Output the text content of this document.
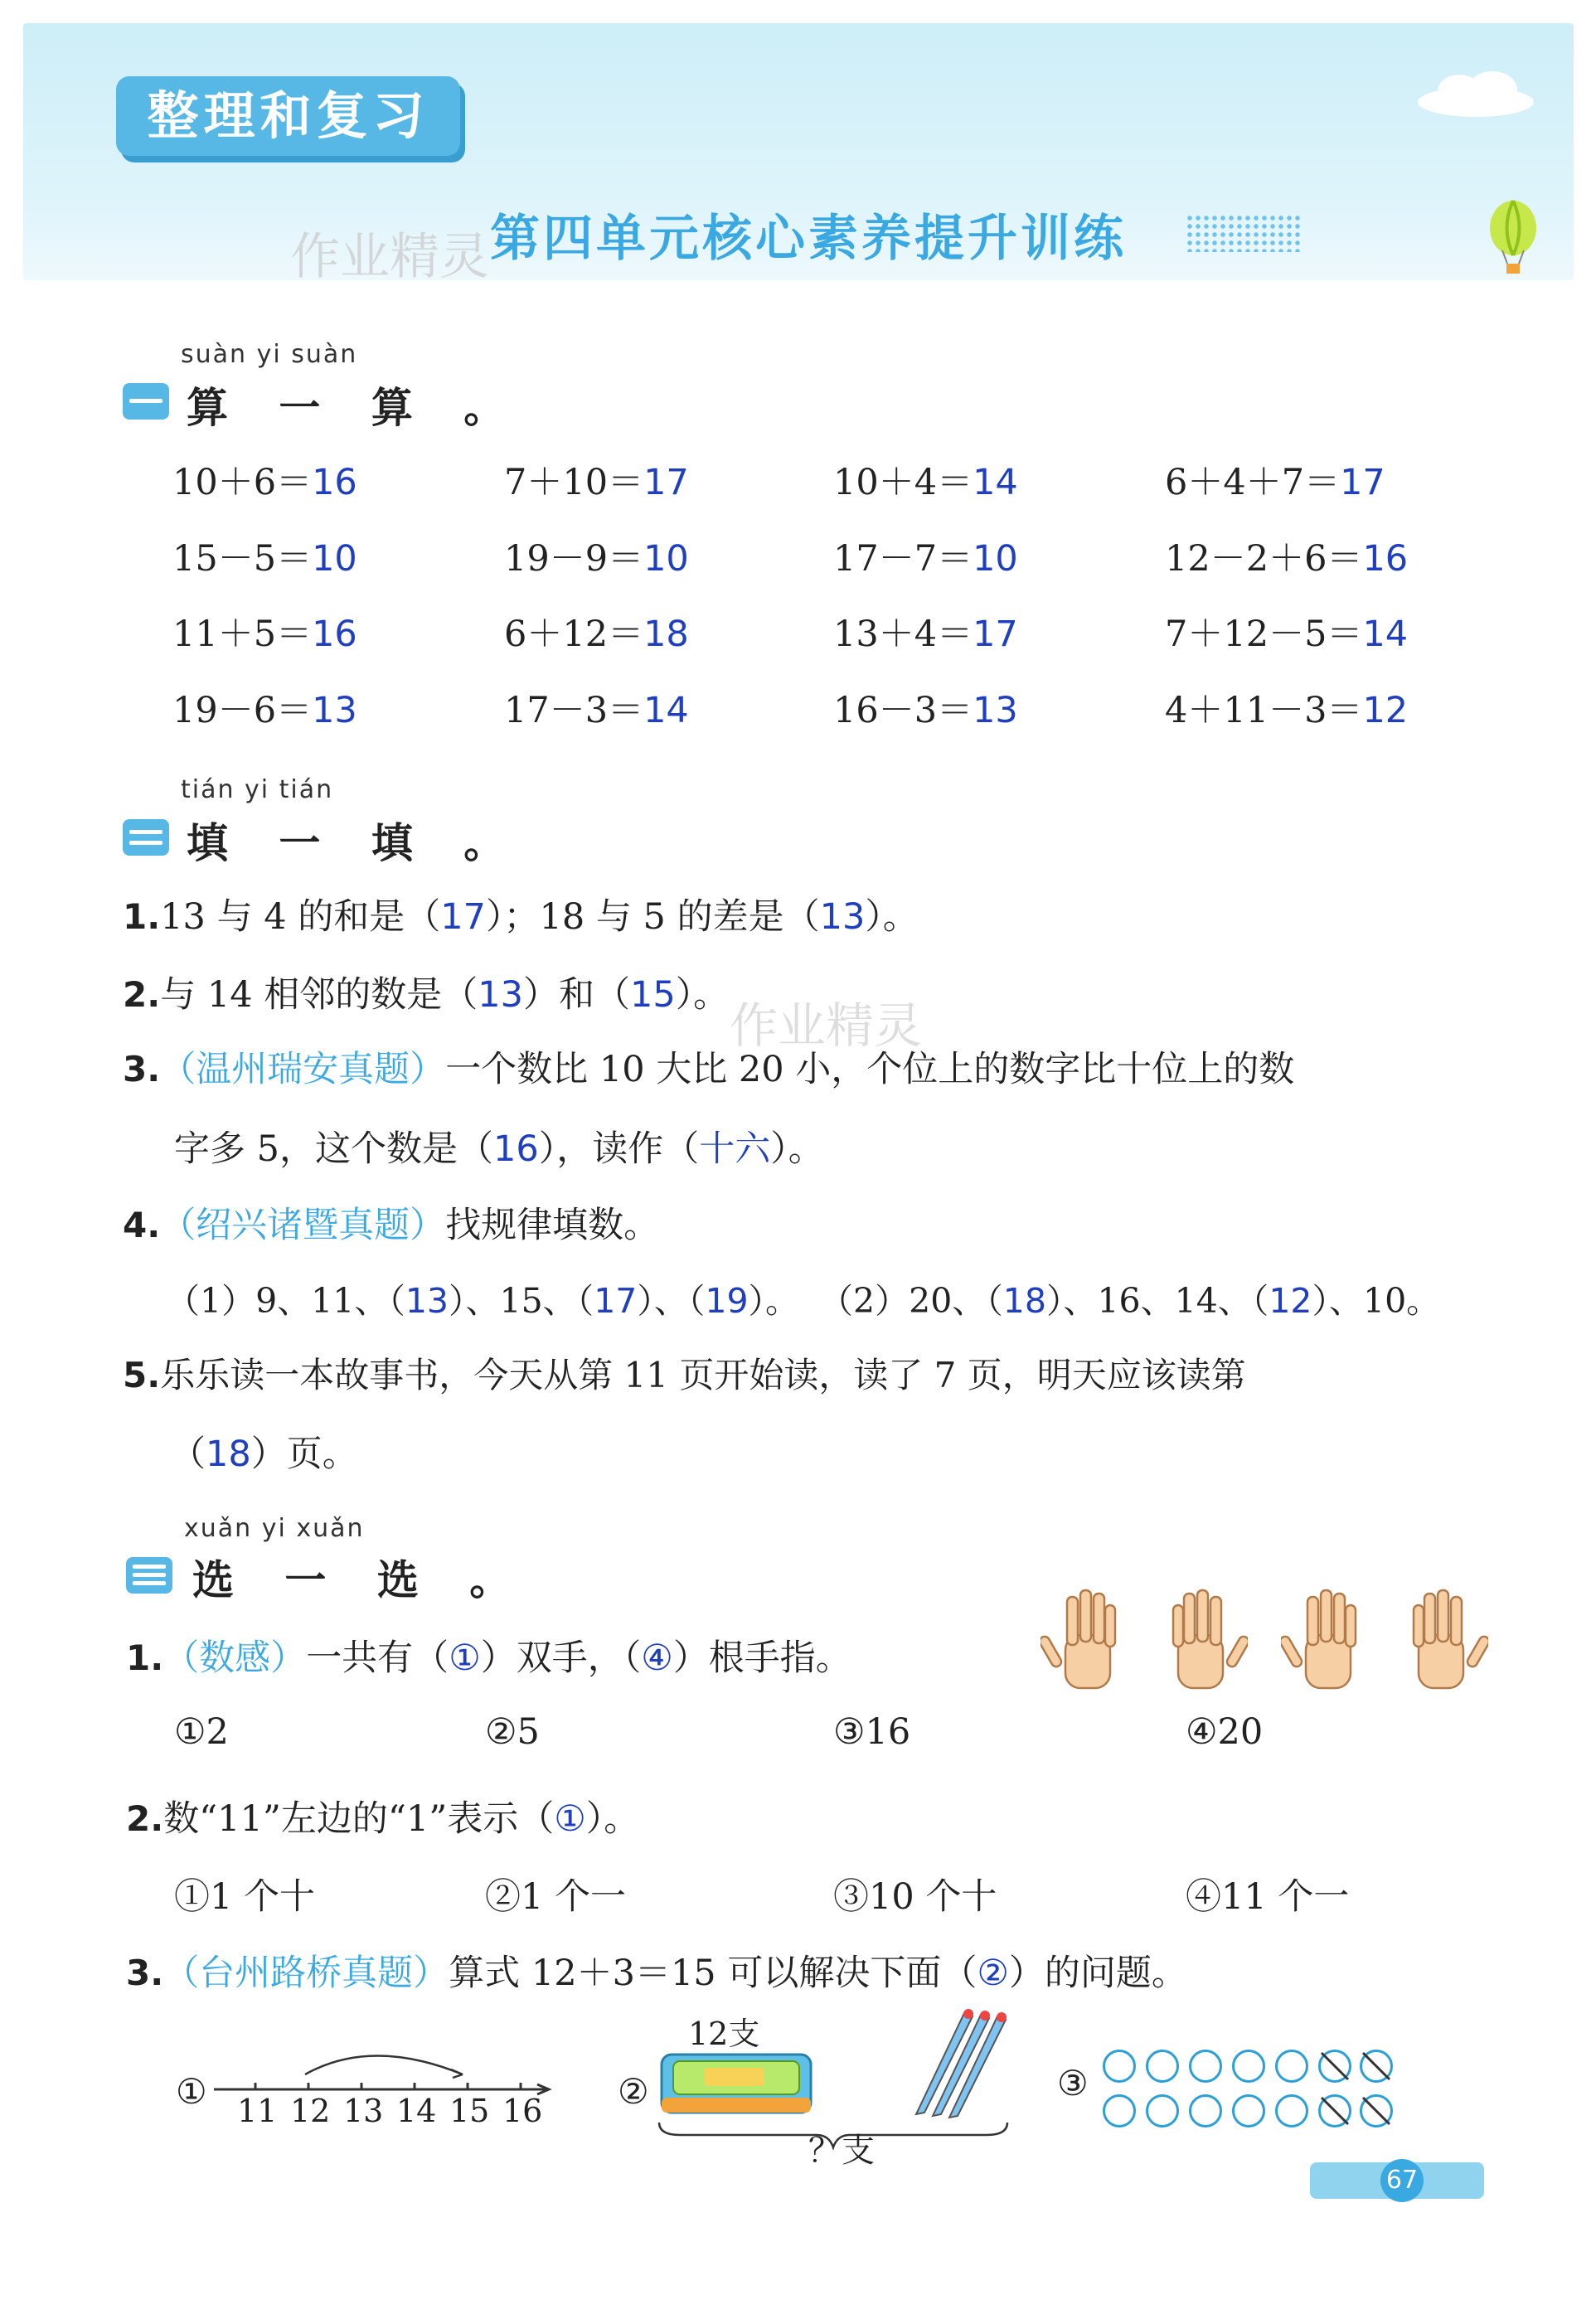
整理和复习
作业精灵 第四单元核心素养提升训练
suàn yi suàn
算 一 算 。
10＋6＝16	7＋10＝17	10＋4＝14	6＋4＋7＝17
15－5＝10	19－9＝10	17－7＝10	12－2＋6＝16
11＋5＝16	6＋12＝18	13＋4＝17	7＋12－5＝14
19－6＝13	17－3＝14	16－3＝13	4＋11－3＝12
tián yi tián
填 一 填 。
1.13 与 4 的和是（17）；18 与 5 的差是（13）。
2.与 14 相邻的数是（13）和（15）。
作业精灵
3.（温州瑞安真题）一个数比 10 大比 20 小，个位上的数字比十位上的数
字多 5，这个数是（16），读作（十六）。
4.（绍兴诸暨真题）找规律填数。
（1）9、11、（13）、15、（17）、（19）。 （2）20、（18）、16、14、（12）、10。
5.乐乐读一本故事书，今天从第 11 页开始读，读了 7 页，明天应该读第
（18）页。
xuǎn yi xuǎn
选 一 选 。
1.（数感）一共有（①）双手，（④）根手指。
①2	②5	③16	④20
2.数“11”左边的“1”表示（①）。
①1 个十	②1 个一	③10 个十	④11 个一
3.（台州路桥真题）算式 12＋3＝15 可以解决下面（②）的问题。
① 11 12 13 14 15 16 ②
12支
？支
③
67
